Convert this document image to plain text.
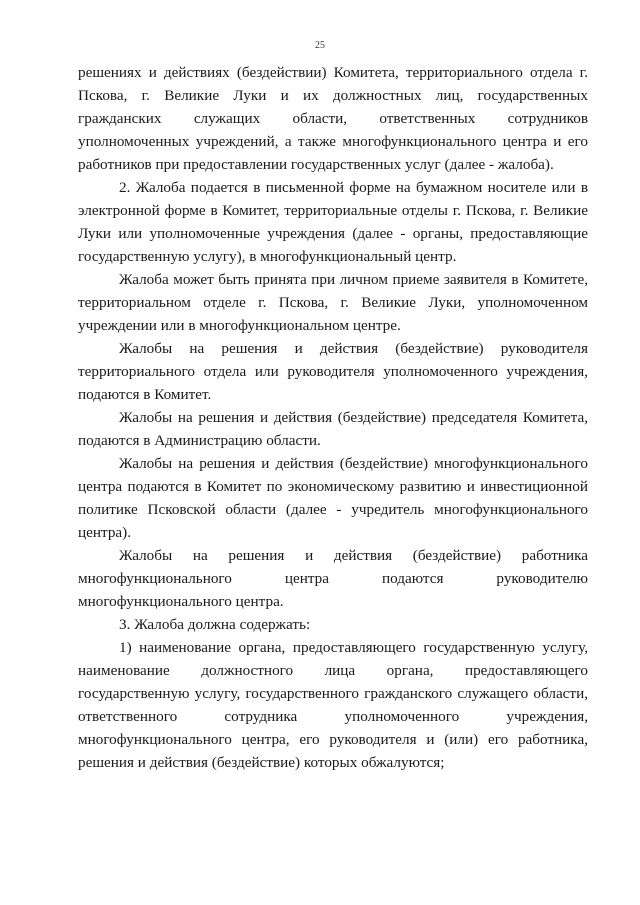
25

решениях и действиях (бездействии) Комитета, территориального отдела г. Пскова, г. Великие Луки и их должностных лиц, государственных гражданских служащих области, ответственных сотрудников уполномоченных учреждений, а также многофункционального центра и его работников при предоставлении государственных услуг (далее - жалоба).

2. Жалоба подается в письменной форме на бумажном носителе или в электронной форме в Комитет, территориальные отделы г. Пскова, г. Великие Луки или уполномоченные учреждения (далее - органы, предоставляющие государственную услугу), в многофункциональный центр.

Жалоба может быть принята при личном приеме заявителя в Комитете, территориальном отделе г. Пскова, г. Великие Луки, уполномоченном учреждении или в многофункциональном центре.

Жалобы на решения и действия (бездействие) руководителя территориального отдела или руководителя уполномоченного учреждения, подаются в Комитет.

Жалобы на решения и действия (бездействие) председателя Комитета, подаются в Администрацию области.

Жалобы на решения и действия (бездействие) многофункционального центра подаются в Комитет по экономическому развитию и инвестиционной политике Псковской области (далее - учредитель многофункционального центра).

Жалобы на решения и действия (бездействие) работника многофункционального центра подаются руководителю многофункционального центра.

3. Жалоба должна содержать:

1) наименование органа, предоставляющего государственную услугу, наименование должностного лица органа, предоставляющего государственную услугу, государственного гражданского служащего области, ответственного сотрудника уполномоченного учреждения, многофункционального центра, его руководителя и (или) его работника, решения и действия (бездействие) которых обжалуются;
